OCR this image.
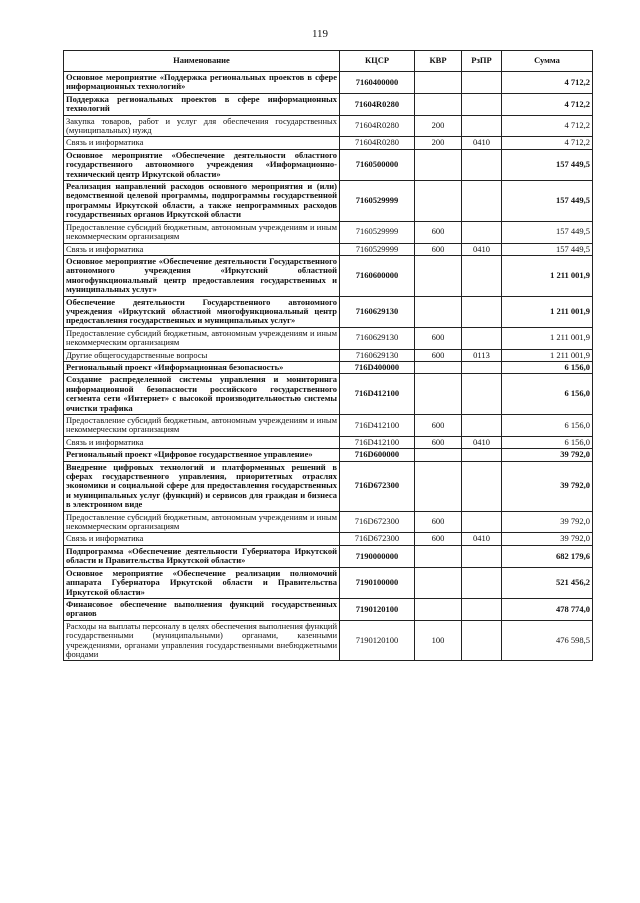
119
Наименование	КЦСР	КВР	РзПР	Сумма
Основное мероприятие «Поддержка региональных проектов в сфере информационных технологий»	7160400000			4 712,2
Поддержка региональных проектов в сфере информационных технологий	71604R0280			4 712,2
Закупка товаров, работ и услуг для обеспечения государственных (муниципальных) нужд	71604R0280	200		4 712,2
Связь и информатика	71604R0280	200	0410	4 712,2
Основное мероприятие «Обеспечение деятельности областного государственного автономного учреждения «Информационно-технический центр Иркутской области»	7160500000			157 449,5
Реализация направлений расходов основного мероприятия и (или) ведомственной целевой программы, подпрограммы государственной программы Иркутской области, а также непрограммных расходов государственных органов Иркутской области	7160529999			157 449,5
Предоставление субсидий бюджетным, автономным учреждениям и иным некоммерческим организациям	7160529999	600		157 449,5
Связь и информатика	7160529999	600	0410	157 449,5
Основное мероприятие «Обеспечение деятельности Государственного автономного учреждения «Иркутский областной многофункциональный центр предоставления государственных и муниципальных услуг»	7160600000			1 211 001,9
Обеспечение деятельности Государственного автономного учреждения «Иркутский областной многофункциональный центр предоставления государственных и муниципальных услуг»	7160629130			1 211 001,9
Предоставление субсидий бюджетным, автономным учреждениям и иным некоммерческим организациям	7160629130	600		1 211 001,9
Другие общегосударственные вопросы	7160629130	600	0113	1 211 001,9
Региональный проект «Информационная безопасность»	716D400000			6 156,0
Создание распределенной системы управления и мониторинга информационной безопасности российского государственного сегмента сети «Интернет» с высокой производительностью системы очистки трафика	716D412100			6 156,0
Предоставление субсидий бюджетным, автономным учреждениям и иным некоммерческим организациям	716D412100	600		6 156,0
Связь и информатика	716D412100	600	0410	6 156,0
Региональный проект «Цифровое государственное управление»	716D600000			39 792,0
Внедрение цифровых технологий и платформенных решений в сферах государственного управления, приоритетных отраслях экономики и социальной сфере для предоставления государственных и муниципальных услуг (функций) и сервисов для граждан и бизнеса в электронном виде	716D672300			39 792,0
Предоставление субсидий бюджетным, автономным учреждениям и иным некоммерческим организациям	716D672300	600		39 792,0
Связь и информатика	716D672300	600	0410	39 792,0
Подпрограмма «Обеспечение деятельности Губернатора Иркутской области и Правительства Иркутской области»	7190000000			682 179,6
Основное мероприятие «Обеспечение реализации полномочий аппарата Губернатора Иркутской области и Правительства Иркутской области»	7190100000			521 456,2
Финансовое обеспечение выполнения функций государственных органов	7190120100			478 774,0
Расходы на выплаты персоналу в целях обеспечения выполнения функций государственными (муниципальными) органами, казенными учреждениями, органами управления государственными внебюджетными фондами	7190120100	100		476 598,5
